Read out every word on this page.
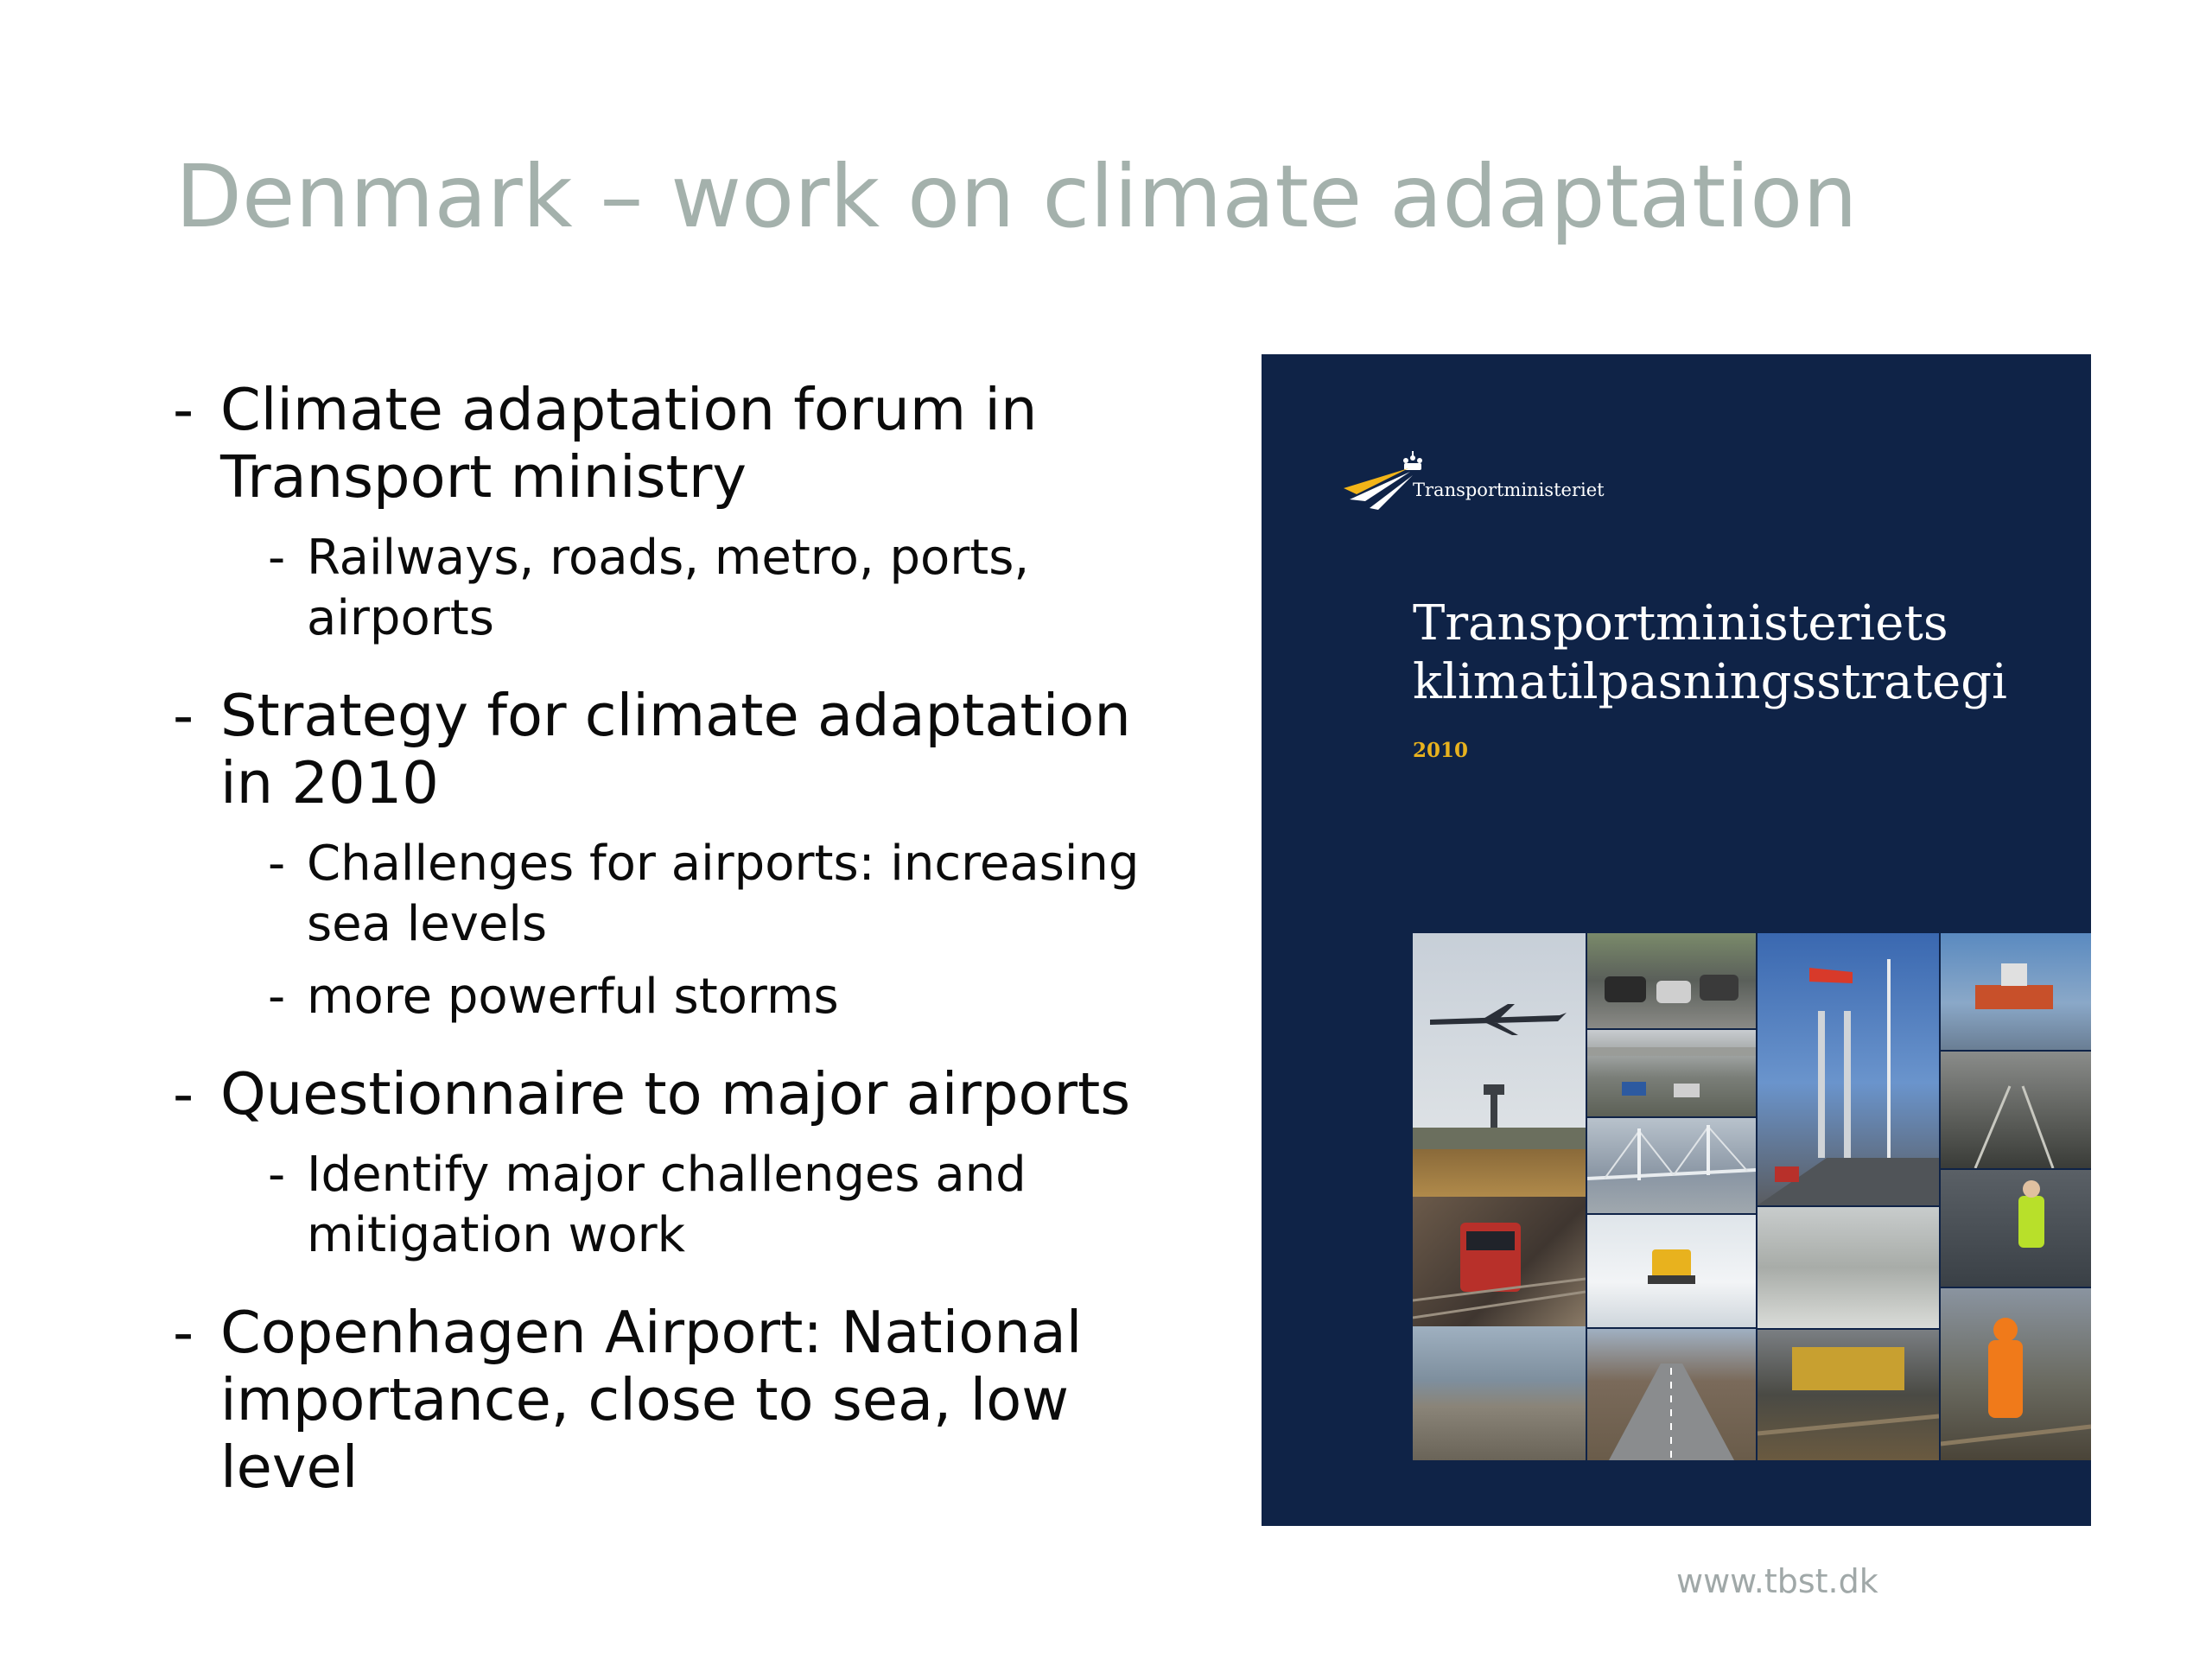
Denmark – work on climate adaptation
- Climate adaptation forum in Transport ministry
- Railways, roads, metro, ports, airports
- Strategy for climate adaptation in 2010
- Challenges for airports: increasing sea levels
- more powerful storms
- Questionnaire to major airports
- Identify major challenges and mitigation work
- Copenhagen Airport: National importance, close to sea, low level
Transportministeriet
Transportministeriets
klimatilpasningsstrategi
2010
www.tbst.dk
